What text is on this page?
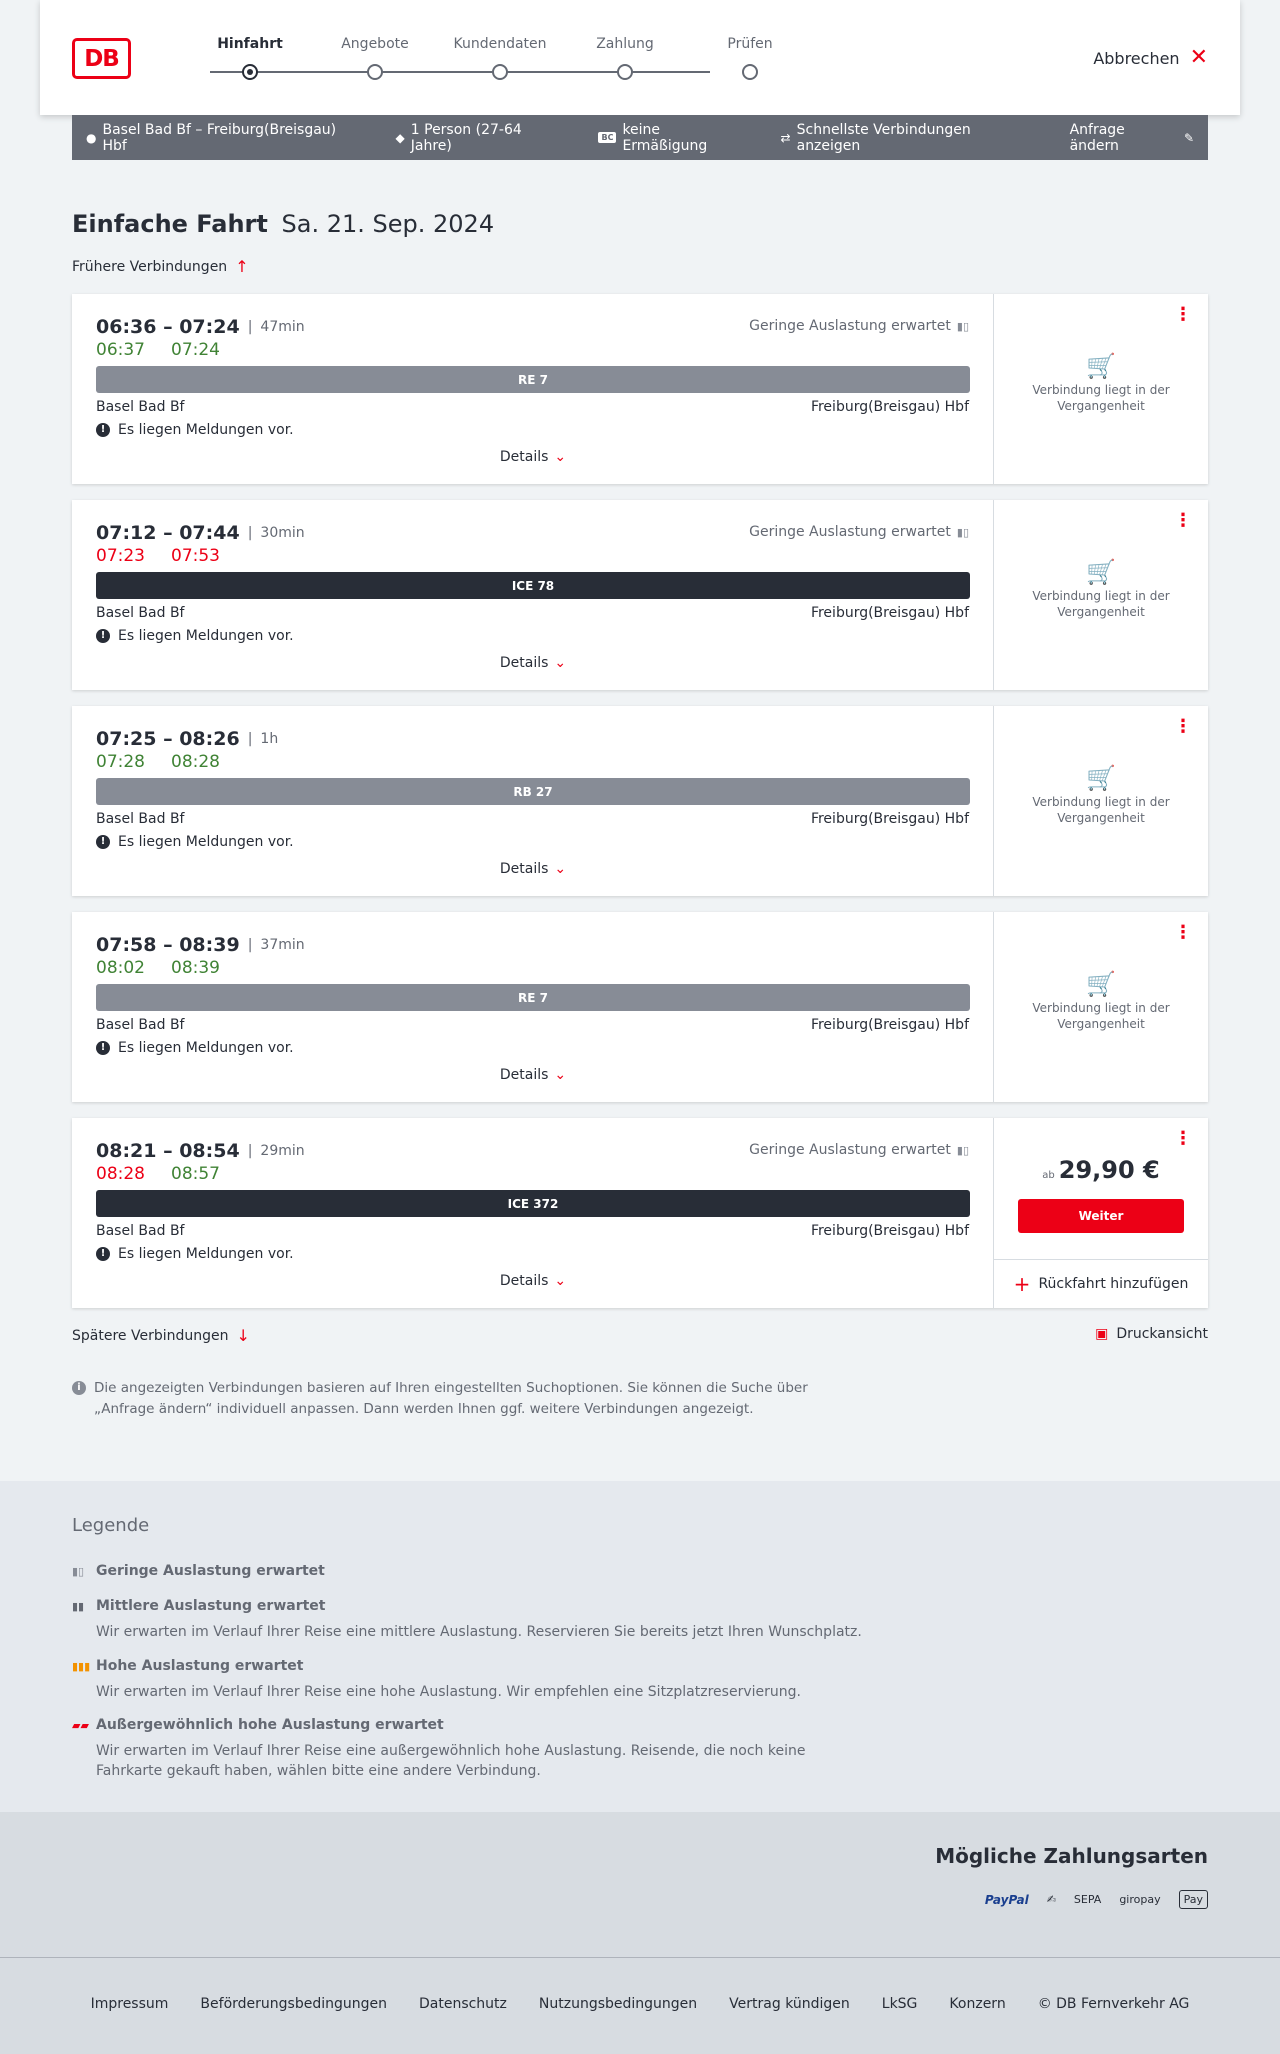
DB
Hinfahrt	Angebote	Kundendaten	Zahlung	Prüfen
Abbrechen ✕
● Basel Bad Bf – Freiburg(Breisgau) Hbf	◆ 1 Person (27-64 Jahre)	BC keine Ermäßigung	⇄ Schnellste Verbindungen anzeigen
Anfrage ändern	✎
Einfache Fahrt Sa. 21. Sep. 2024
Frühere Verbindungen ↑
06:36 – 07:24 | 47min	Geringe Auslastung erwartet ▮▯
06:37 07:24
RE 7
Basel Bad Bf	Freiburg(Breisgau) Hbf
! Es liegen Meldungen vor.
Details ⌄
⋮
🛒
Verbindung liegt in der Vergangenheit
07:12 – 07:44 | 30min	Geringe Auslastung erwartet ▮▯
07:23 07:53
ICE 78
Basel Bad Bf	Freiburg(Breisgau) Hbf
! Es liegen Meldungen vor.
Details ⌄
⋮
🛒
Verbindung liegt in der Vergangenheit
07:25 – 08:26 | 1h
07:28 08:28
RB 27
Basel Bad Bf	Freiburg(Breisgau) Hbf
! Es liegen Meldungen vor.
Details ⌄
⋮
🛒
Verbindung liegt in der Vergangenheit
07:58 – 08:39 | 37min
08:02 08:39
RE 7
Basel Bad Bf	Freiburg(Breisgau) Hbf
! Es liegen Meldungen vor.
Details ⌄
⋮
🛒
Verbindung liegt in der Vergangenheit
08:21 – 08:54 | 29min	Geringe Auslastung erwartet ▮▯
08:28 08:57
ICE 372
Basel Bad Bf	Freiburg(Breisgau) Hbf
! Es liegen Meldungen vor.
Details ⌄
⋮
ab 29,90 €
Weiter
+ Rückfahrt hinzufügen
Spätere Verbindungen ↓	▣ Druckansicht
i Die angezeigten Verbindungen basieren auf Ihren eingestellten Suchoptionen. Sie können die Suche über „Anfrage ändern“ individuell anpassen. Dann werden Ihnen ggf. weitere Verbindungen angezeigt.
Legende
▮▯ Geringe Auslastung erwartet
▮▮ Mittlere Auslastung erwartet
Wir erwarten im Verlauf Ihrer Reise eine mittlere Auslastung. Reservieren Sie bereits jetzt Ihren Wunschplatz.
▮▮▮ Hohe Auslastung erwartet
Wir erwarten im Verlauf Ihrer Reise eine hohe Auslastung. Wir empfehlen eine Sitzplatzreservierung.
▰▰ Außergewöhnlich hohe Auslastung erwartet
Wir erwarten im Verlauf Ihrer Reise eine außergewöhnlich hohe Auslastung. Reisende, die noch keine Fahrkarte gekauft haben, wählen bitte eine andere Verbindung.
Mögliche Zahlungsarten
PayPal ✍ SEPA giropay	Pay
Impressum Beförderungsbedingungen Datenschutz Nutzungsbedingungen Vertrag kündigen LkSG Konzern © DB Fernverkehr AG
